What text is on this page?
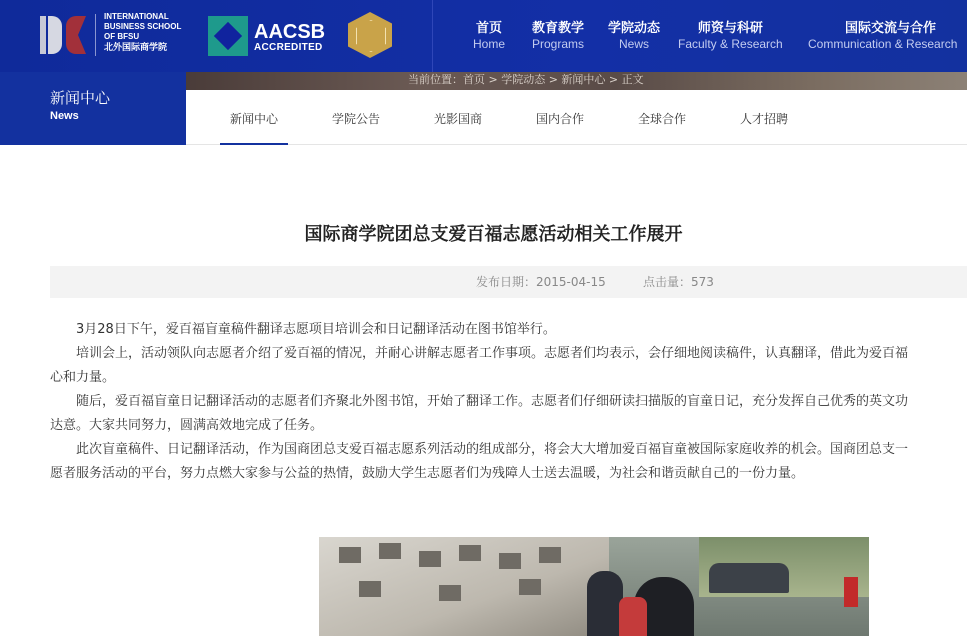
INTERNATIONAL
BUSINESS SCHOOL
OF BFSU
北外国际商学院
AACSB
ACCREDITED
首页
Home
教育教学
Programs
学院动态
News
师资与科研
Faculty & Research
国际交流与合作
Communication & Research
当前位置：首页 > 学院动态 > 新闻中心 > 正文
新闻中心
News	新闻中心	学院公告	光影国商	国内合作	全球合作	人才招聘
国际商学院团总支爱百福志愿活动相关工作展开
发布日期：2015-04-15	点击量：573

3月28日下午，爱百福盲童稿件翻译志愿项目培训会和日记翻译活动在图书馆举行。

培训会上，活动领队向志愿者介绍了爱百福的情况，并耐心讲解志愿者工作事项。志愿者们均表示，会仔细地阅读稿件，认真翻译，借此为爱百福

心和力量。

随后，爱百福盲童日记翻译活动的志愿者们齐聚北外图书馆，开始了翻译工作。志愿者们仔细研读扫描版的盲童日记，充分发挥自己优秀的英文功

达意。大家共同努力，圆满高效地完成了任务。

此次盲童稿件、日记翻译活动，作为国商团总支爱百福志愿系列活动的组成部分，将会大大增加爱百福盲童被国际家庭收养的机会。国商团总支一

愿者服务活动的平台，努力点燃大家参与公益的热情，鼓励大学生志愿者们为残障人士送去温暖，为社会和谐贡献自己的一份力量。
